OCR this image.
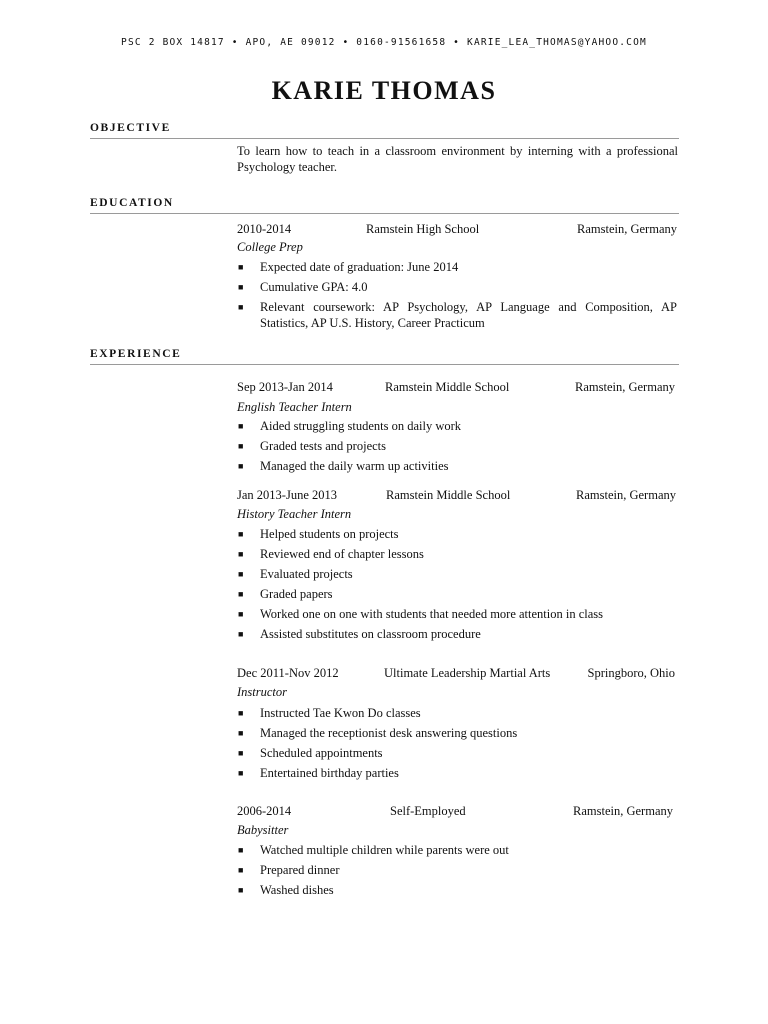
PSC 2 BOX 14817 • APO, AE 09012 • 0160-91561658 • KARIE_LEA_THOMAS@YAHOO.COM
KARIE THOMAS
OBJECTIVE
To learn how to teach in a classroom environment by interning with a professional Psychology teacher.
EDUCATION
2010-2014	Ramstein High School	Ramstein, Germany
College Prep
■ Expected date of graduation: June 2014
■ Cumulative GPA: 4.0
■ Relevant coursework: AP Psychology, AP Language and Composition, AP Statistics, AP U.S. History, Career Practicum
EXPERIENCE
Sep 2013-Jan 2014	Ramstein Middle School	Ramstein, Germany
English Teacher Intern
■ Aided struggling students on daily work
■ Graded tests and projects
■ Managed the daily warm up activities
Jan 2013-June 2013	Ramstein Middle School	Ramstein, Germany
History Teacher Intern
■ Helped students on projects
■ Reviewed end of chapter lessons
■ Evaluated projects
■ Graded papers
■ Worked one on one with students that needed more attention in class
■ Assisted substitutes on classroom procedure
Dec 2011-Nov 2012	Ultimate Leadership Martial Arts	Springboro, Ohio
Instructor
■ Instructed Tae Kwon Do classes
■ Managed the receptionist desk answering questions
■ Scheduled appointments
■ Entertained birthday parties
2006-2014	Self-Employed	Ramstein, Germany
Babysitter
■ Watched multiple children while parents were out
■ Prepared dinner
■ Washed dishes
